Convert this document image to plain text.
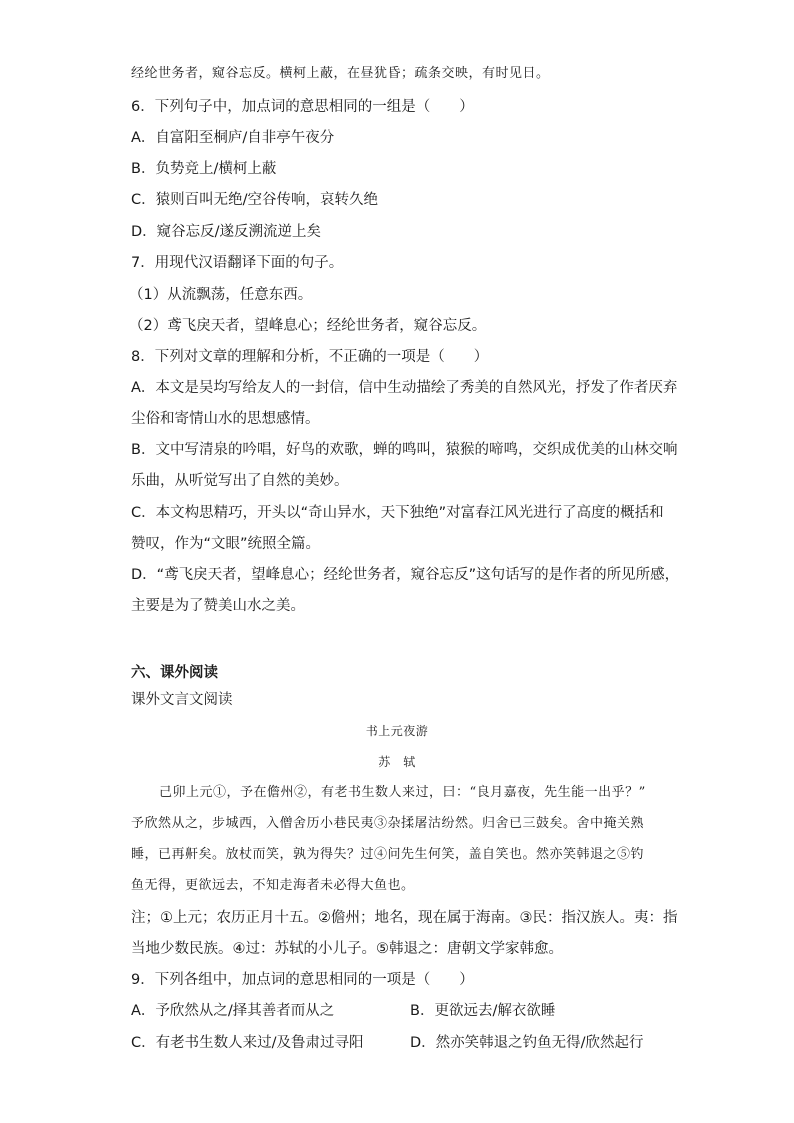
经纶世务者，窥谷忘反。横柯上蔽，在昼犹昏；疏条交映，有时见日。
6．下列句子中，加点词的意思相同的一组是（　　）
A．自富阳至桐庐/自非亭午夜分
B．负势竞上/横柯上蔽
C．猿则百叫无绝/空谷传响，哀转久绝
D．窥谷忘反/遂反溯流逆上矣
7．用现代汉语翻译下面的句子。
（1）从流飘荡，任意东西。
（2）鸢飞戾天者，望峰息心；经纶世务者，窥谷忘反。
8．下列对文章的理解和分析，不正确的一项是（　　）
A．本文是吴均写给友人的一封信，信中生动描绘了秀美的自然风光，抒发了作者厌弃
尘俗和寄情山水的思想感情。
B．文中写清泉的吟唱，好鸟的欢歌，蝉的鸣叫，猿猴的啼鸣，交织成优美的山林交响
乐曲，从听觉写出了自然的美妙。
C．本文构思精巧，开头以“奇山异水，天下独绝”对富春江风光进行了高度的概括和
赞叹，作为“文眼”统照全篇。
D．“鸢飞戾天者，望峰息心；经纶世务者，窥谷忘反”这句话写的是作者的所见所感，
主要是为了赞美山水之美。
六、课外阅读
课外文言文阅读
书上元夜游
苏　轼
己卯上元①，予在儋州②，有老书生数人来过，曰：“良月嘉夜，先生能一出乎？”
予欣然从之，步城西，入僧舍历小巷民夷③杂揉屠沽纷然。归舍已三鼓矣。舍中掩关熟
睡，已再鼾矣。放杖而笑，孰为得失？过④问先生何笑，盖自笑也。然亦笑韩退之⑤钓
鱼无得，更欲远去，不知走海者未必得大鱼也。
注；①上元；农历正月十五。②儋州；地名，现在属于海南。③民：指汉族人。夷：指
当地少数民族。④过：苏轼的小儿子。⑤韩退之：唐朝文学家韩愈。
9．下列各组中，加点词的意思相同的一项是（　　）
A．予欣然从之/择其善者而从之	B．更欲远去/解衣欲睡
C．有老书生数人来过/及鲁肃过寻阳	D．然亦笑韩退之钓鱼无得/欣然起行
